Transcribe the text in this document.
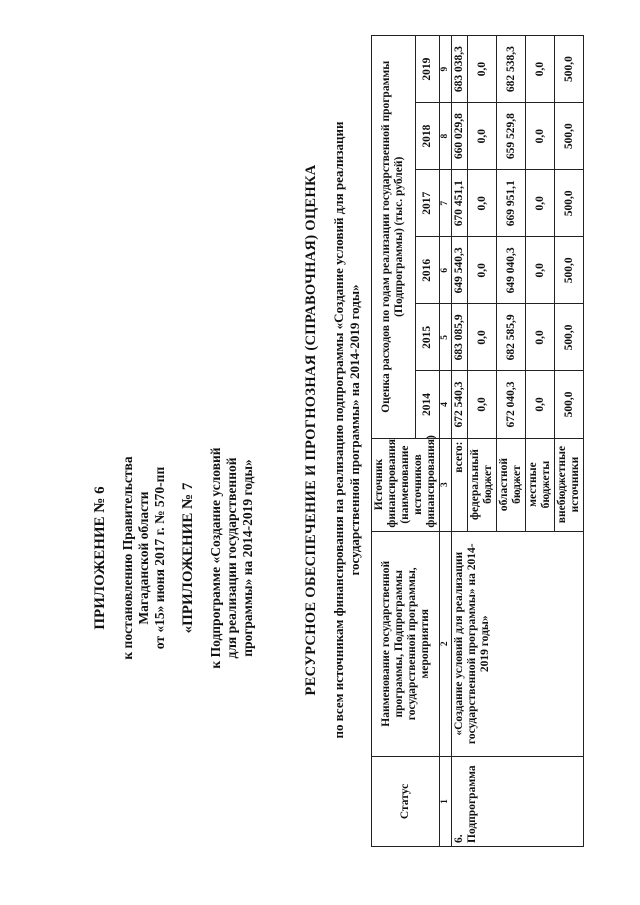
ПРИЛОЖЕНИЕ № 6 к постановлению Правительства Магаданской области от «15» июня 2017 г. № 570-пп «ПРИЛОЖЕНИЕ № 7 к Подпрограмме «Создание условий для реализации государственной программы» на 2014-2019 годы»	РЕСУРСНОЕ ОБЕСПЕЧЕНИЕ И ПРОГНОЗНАЯ (СПРАВОЧНАЯ) ОЦЕНКА по всем источникам финансирования на реализацию подпрограммы «Создание условий для реализации государственной программы» на 2014-2019 годы»
Статус	Наименование государственной программы, Подпрограммы государственной программы, мероприятия	Источник финансирования (наименование источников финансирования)	Оценка расходов по годам реализации государственной программы (Подпрограммы) (тыс. рублей)					
			2014	2015	2016	2017	2018	2019
1	2	3	4	5	6	7	8	9
6. Подпрограмма	«Создание условий для реализации государственной программы» на 2014-2019 годы»	всего:	672 540,3	683 085,9	649 540,3	670 451,1	660 029,8	683 038,3
		федеральный бюджет	0,0	0,0	0,0	0,0	0,0	0,0
		областной бюджет	672 040,3	682 585,9	649 040,3	669 951,1	659 529,8	682 538,3
		местные бюджеты	0,0	0,0	0,0	0,0	0,0	0,0
		внебюджетные источники	500,0	500,0	500,0	500,0	500,0	500,0
